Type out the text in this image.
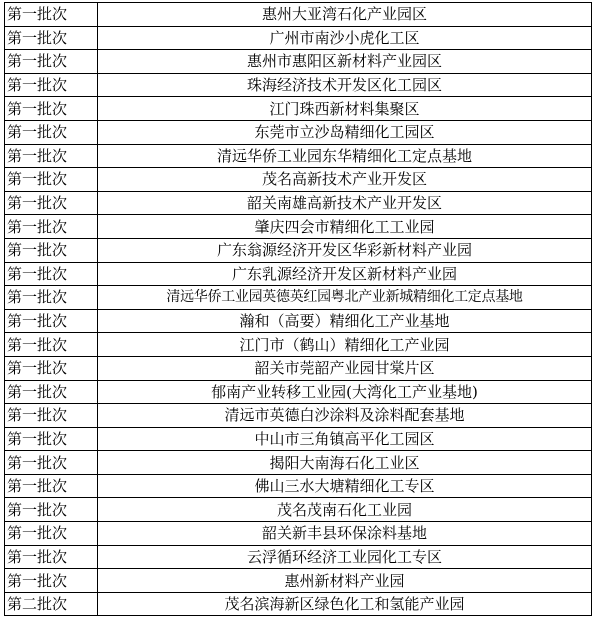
第一批次	惠州大亚湾石化产业园区
第一批次	广州市南沙小虎化工区
第一批次	惠州市惠阳区新材料产业园区
第一批次	珠海经济技术开发区化工园区
第一批次	江门珠西新材料集聚区
第一批次	东莞市立沙岛精细化工园区
第一批次	清远华侨工业园东华精细化工定点基地
第一批次	茂名高新技术产业开发区
第一批次	韶关南雄高新技术产业开发区
第一批次	肇庆四会市精细化工工业园
第一批次	广东翁源经济开发区华彩新材料产业园
第一批次	广东乳源经济开发区新材料产业园
第一批次	清远华侨工业园英德英红园粤北产业新城精细化工定点基地
第一批次	瀚和（高要）精细化工产业基地
第一批次	江门市（鹤山）精细化工产业园
第一批次	韶关市莞韶产业园甘棠片区
第一批次	郁南产业转移工业园(大湾化工产业基地)
第一批次	清远市英德白沙涂料及涂料配套基地
第一批次	中山市三角镇高平化工园区
第一批次	揭阳大南海石化工业区
第一批次	佛山三水大塘精细化工专区
第一批次	茂名茂南石化工业园
第一批次	韶关新丰县环保涂料基地
第一批次	云浮循环经济工业园化工专区
第一批次	惠州新材料产业园
第二批次	茂名滨海新区绿色化工和氢能产业园
